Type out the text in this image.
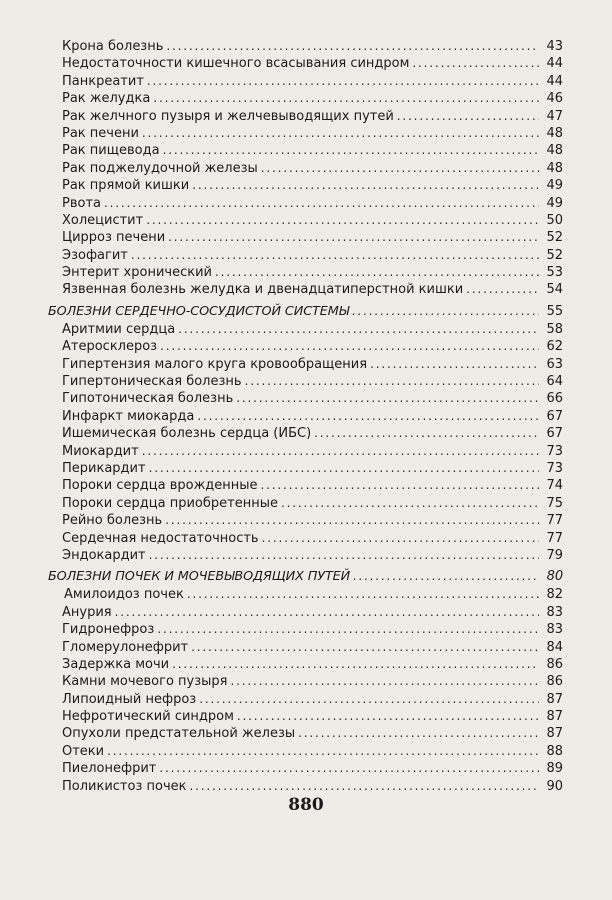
Крона болезнь . . .	43
Недостаточности кишечного всасывания синдром . . .	44
Панкреатит . . .	44
Рак желудка . . .	46
Рак желчного пузыря и желчевыводящих путей . . .	47
Рак печени . . .	48
Рак пищевода . . .	48
Рак поджелудочной железы . . .	48
Рак прямой кишки . . .	49
Рвота . . .	49
Холецистит . . .	50
Цирроз печени . . .	52
Эзофагит . . .	52
Энтерит хронический . . .	53
Язвенная болезнь желудка и двенадцатиперстной кишки . . .	54
БОЛЕЗНИ СЕРДЕЧНО-СОСУДИСТОЙ СИСТЕМЫ . . .	55
Аритмии сердца . . .	58
Атеросклероз . . .	62
Гипертензия малого круга кровообращения . . .	63
Гипертоническая болезнь . . .	64
Гипотоническая болезнь . . .	66
Инфаркт миокарда . . .	67
Ишемическая болезнь сердца (ИБС) . . .	67
Миокардит . . .	73
Перикардит . . .	73
Пороки сердца врожденные . . .	74
Пороки сердца приобретенные . . .	75
Рейно болезнь . . .	77
Сердечная недостаточность . . .	77
Эндокардит . . .	79
БОЛЕЗНИ ПОЧЕК И МОЧЕВЫВОДЯЩИХ ПУТЕЙ . . .	80
Амилоидоз почек . . .	82
Анурия . . .	83
Гидронефроз . . .	83
Гломерулонефрит . . .	84
Задержка мочи . . .	86
Камни мочевого пузыря . . .	86
Липоидный нефроз . . .	87
Нефротический синдром . . .	87
Опухоли предстательной железы . . .	87
Отеки . . .	88
Пиелонефрит . . .	89
Поликистоз почек . . .	90
880
